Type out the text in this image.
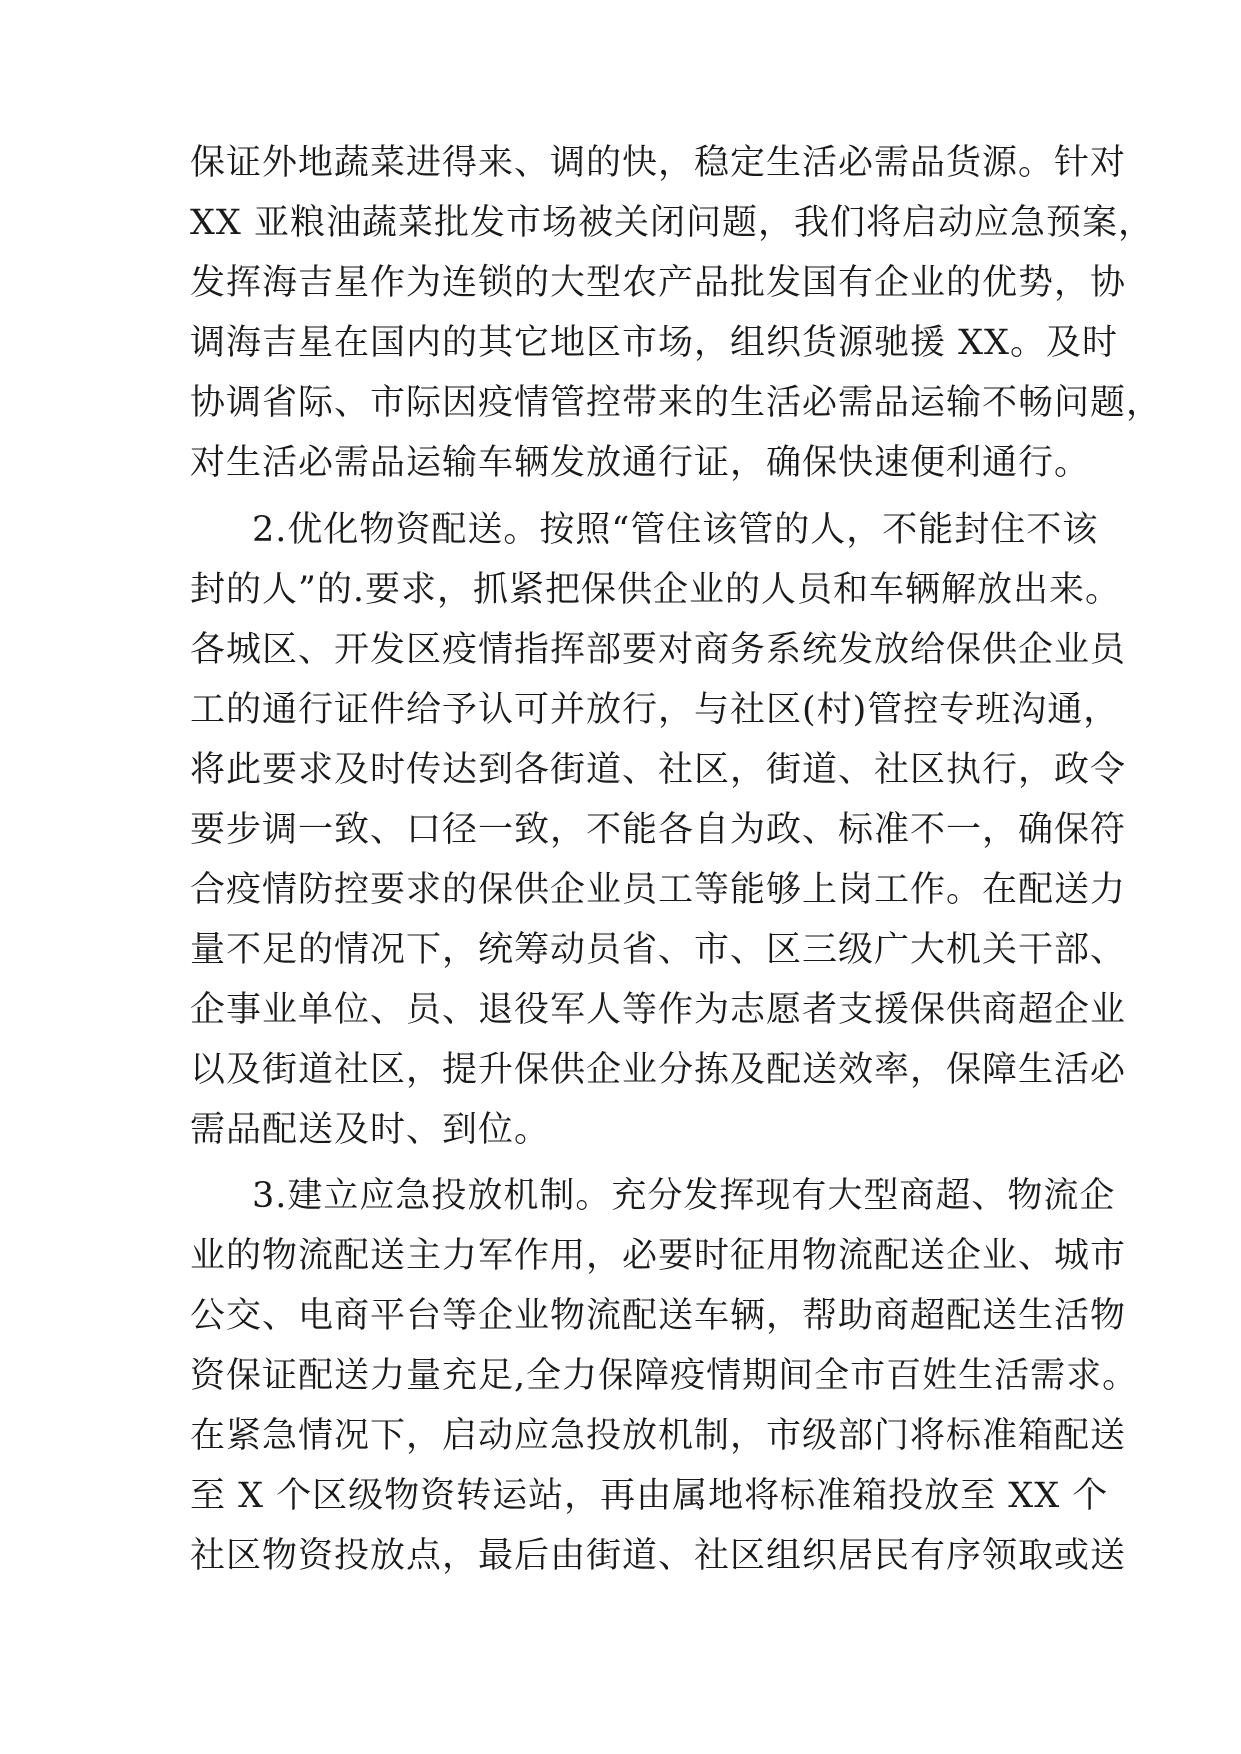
保证外地蔬菜进得来、调的快，稳定生活必需品货源。针对
XX 亚粮油蔬菜批发市场被关闭问题，我们将启动应急预案，
发挥海吉星作为连锁的大型农产品批发国有企业的优势，协
调海吉星在国内的其它地区市场，组织货源驰援 XX。及时
协调省际、市际因疫情管控带来的生活必需品运输不畅问题，
对生活必需品运输车辆发放通行证，确保快速便利通行。
2.优化物资配送。按照“管住该管的人，不能封住不该
封的人”的.要求，抓紧把保供企业的人员和车辆解放出来。
各城区、开发区疫情指挥部要对商务系统发放给保供企业员
工的通行证件给予认可并放行，与社区(村)管控专班沟通，
将此要求及时传达到各街道、社区，街道、社区执行，政令
要步调一致、口径一致，不能各自为政、标准不一，确保符
合疫情防控要求的保供企业员工等能够上岗工作。在配送力
量不足的情况下，统筹动员省、市、区三级广大机关干部、
企事业单位、员、退役军人等作为志愿者支援保供商超企业
以及街道社区，提升保供企业分拣及配送效率，保障生活必
需品配送及时、到位。
3.建立应急投放机制。充分发挥现有大型商超、物流企
业的物流配送主力军作用，必要时征用物流配送企业、城市
公交、电商平台等企业物流配送车辆，帮助商超配送生活物
资保证配送力量充足,全力保障疫情期间全市百姓生活需求。
在紧急情况下，启动应急投放机制，市级部门将标准箱配送
至 X 个区级物资转运站，再由属地将标准箱投放至 XX 个
社区物资投放点，最后由街道、社区组织居民有序领取或送
